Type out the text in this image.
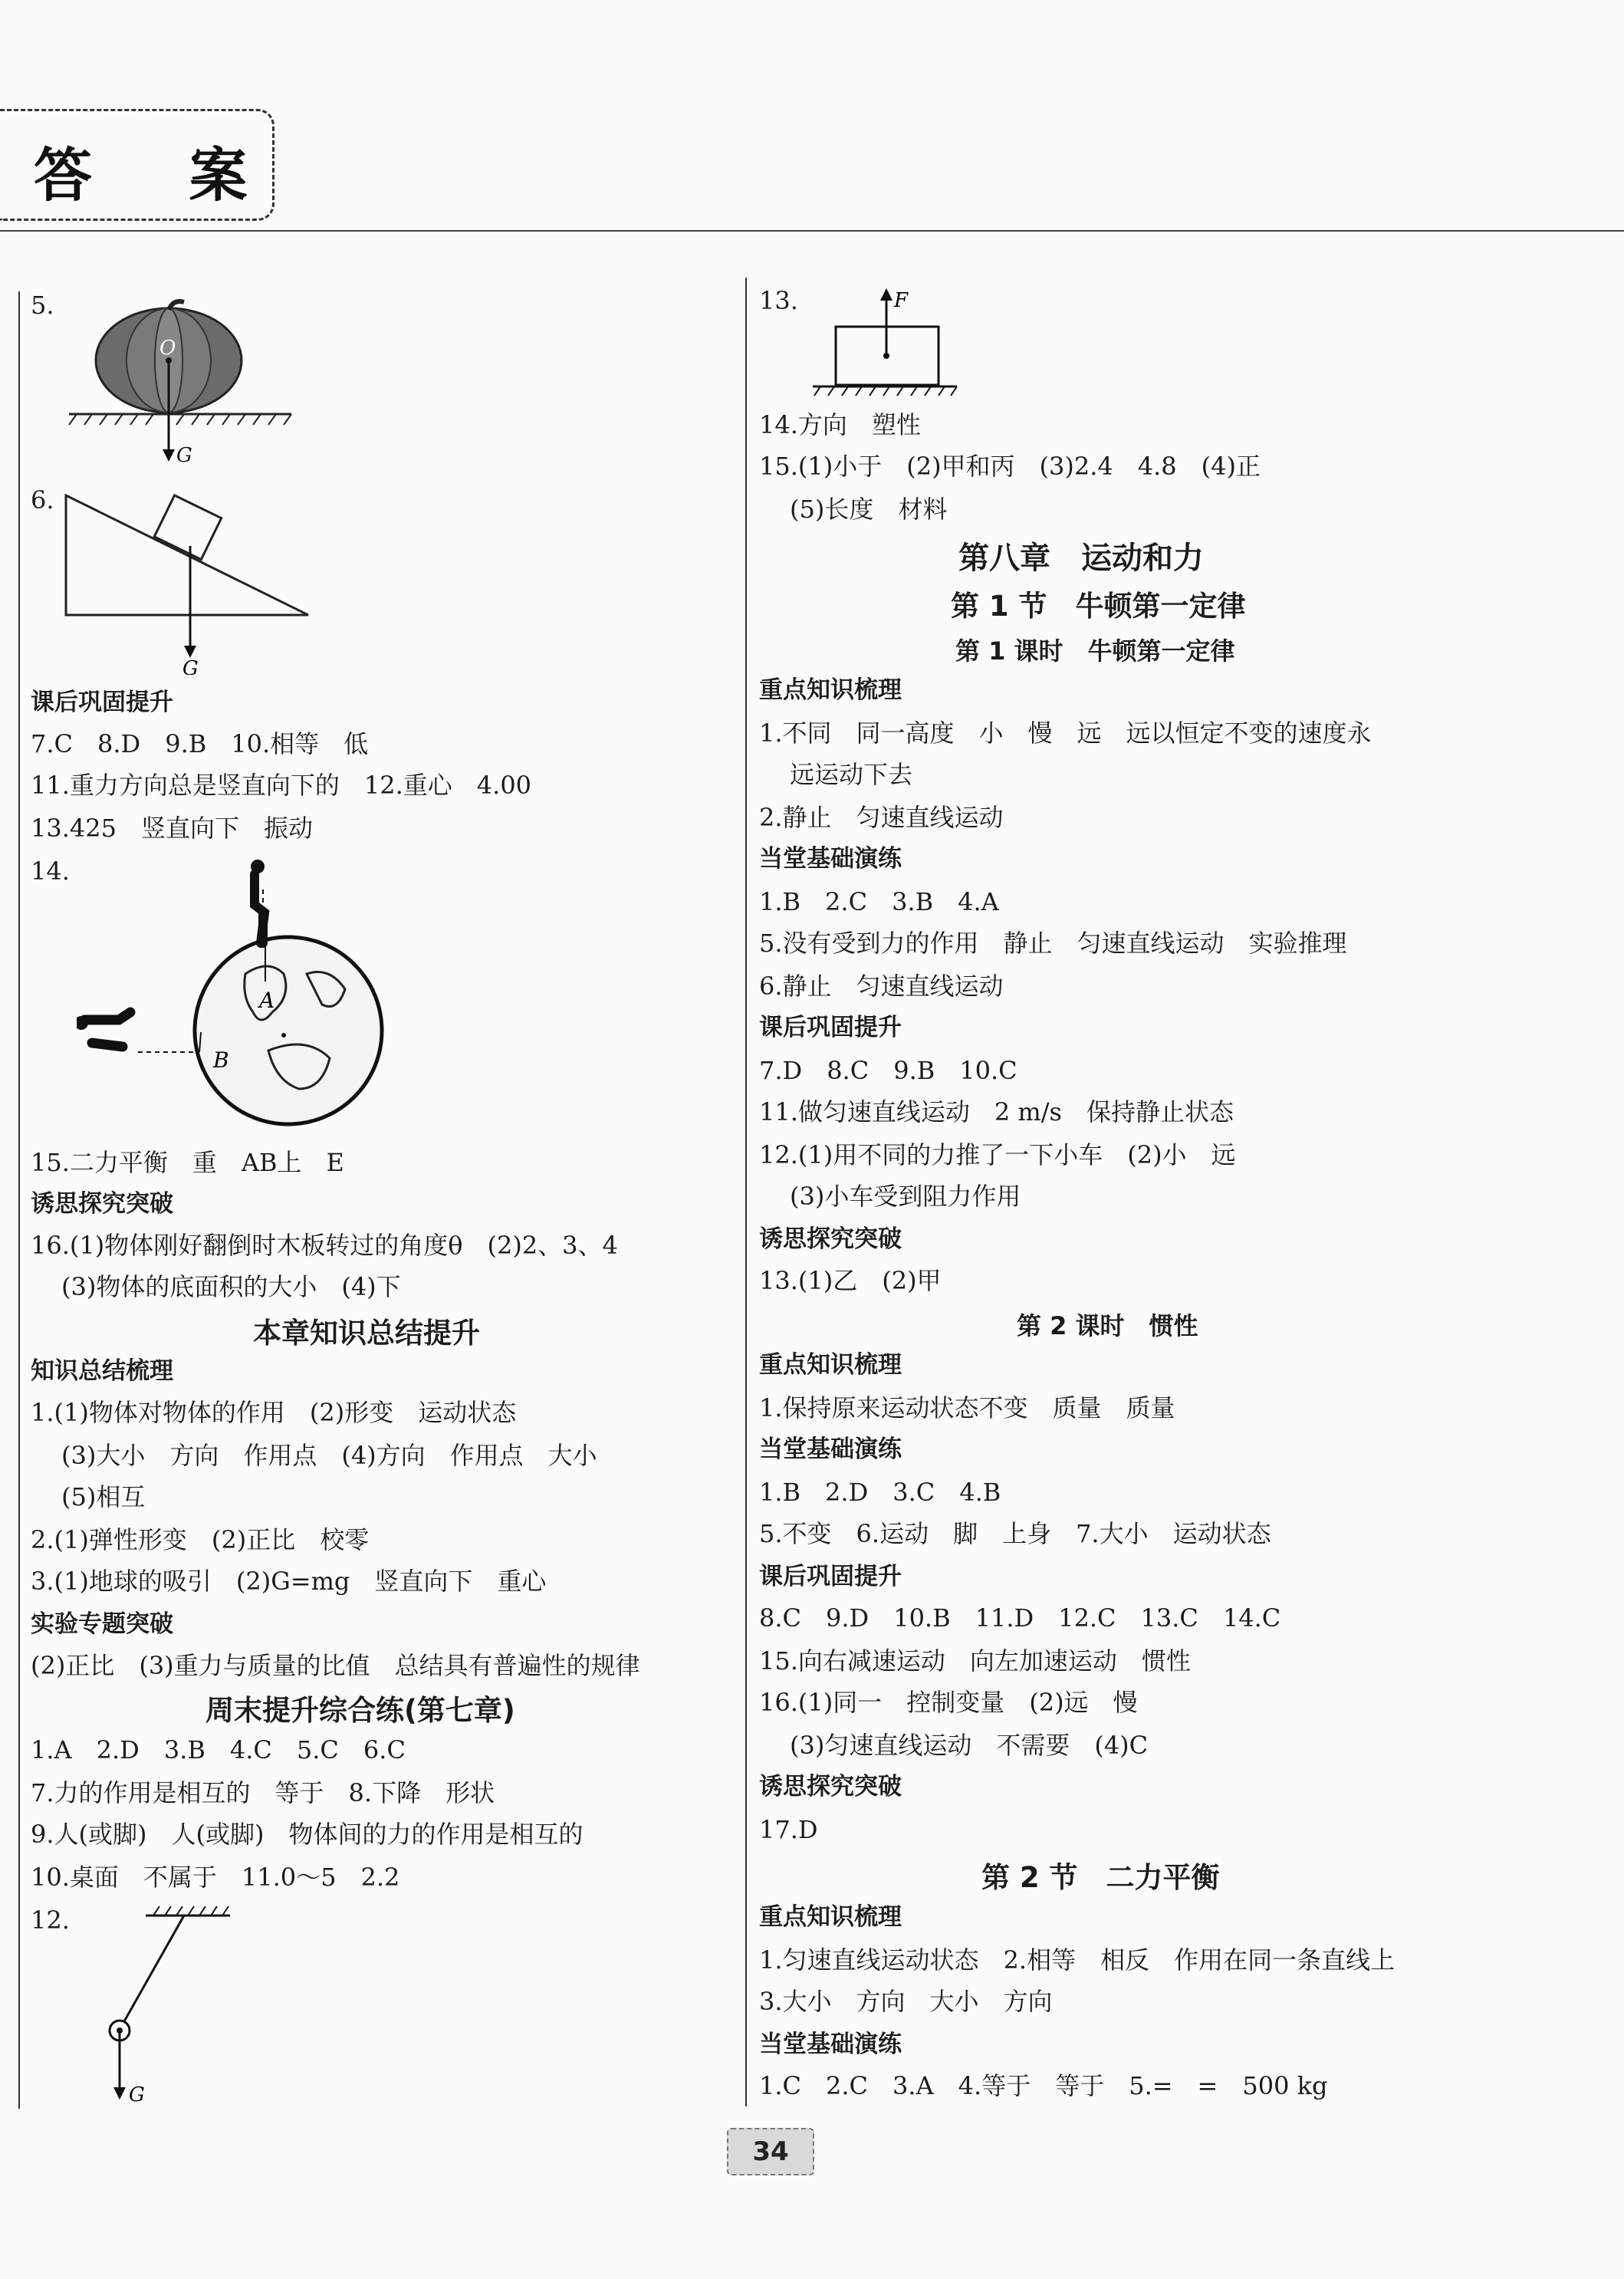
答 案
5.
O
G
6.
G
课后巩固提升
7.C　8.D　9.B　10.相等　低
11.重力方向总是竖直向下的　12.重心　4.00
13.425　竖直向下　振动
14.
A
B
15.二力平衡　重　AB上　E
诱思探究突破
16.(1)物体刚好翻倒时木板转过的角度θ　(2)2、3、4
(3)物体的底面积的大小　(4)下
本章知识总结提升
知识总结梳理
1.(1)物体对物体的作用　(2)形变　运动状态
(3)大小　方向　作用点　(4)方向　作用点　大小
(5)相互
2.(1)弹性形变　(2)正比　校零
3.(1)地球的吸引　(2)G=mg　竖直向下　重心
实验专题突破
(2)正比　(3)重力与质量的比值　总结具有普遍性的规律
周末提升综合练(第七章)
1.A　2.D　3.B　4.C　5.C　6.C
7.力的作用是相互的　等于　8.下降　形状
9.人(或脚)　人(或脚)　物体间的力的作用是相互的
10.桌面　不属于　11.0～5　2.2
12.
G
13.	F
14.方向　塑性
15.(1)小于　(2)甲和丙　(3)2.4　4.8　(4)正
(5)长度　材料
第八章　运动和力
第 1 节　牛顿第一定律
第 1 课时　牛顿第一定律
重点知识梳理
1.不同　同一高度　小　慢　远　远以恒定不变的速度永
远运动下去
2.静止　匀速直线运动
当堂基础演练
1.B　2.C　3.B　4.A
5.没有受到力的作用　静止　匀速直线运动　实验推理
6.静止　匀速直线运动
课后巩固提升
7.D　8.C　9.B　10.C
11.做匀速直线运动　2 m/s　保持静止状态
12.(1)用不同的力推了一下小车　(2)小　远
(3)小车受到阻力作用
诱思探究突破
13.(1)乙　(2)甲
第 2 课时　惯性
重点知识梳理
1.保持原来运动状态不变　质量　质量
当堂基础演练
1.B　2.D　3.C　4.B
5.不变　6.运动　脚　上身　7.大小　运动状态
课后巩固提升
8.C　9.D　10.B　11.D　12.C　13.C　14.C
15.向右减速运动　向左加速运动　惯性
16.(1)同一　控制变量　(2)远　慢
(3)匀速直线运动　不需要　(4)C
诱思探究突破
17.D
第 2 节　二力平衡
重点知识梳理
1.匀速直线运动状态　2.相等　相反　作用在同一条直线上
3.大小　方向　大小　方向
当堂基础演练
1.C　2.C　3.A　4.等于　等于　5.=　=　500 kg
34
